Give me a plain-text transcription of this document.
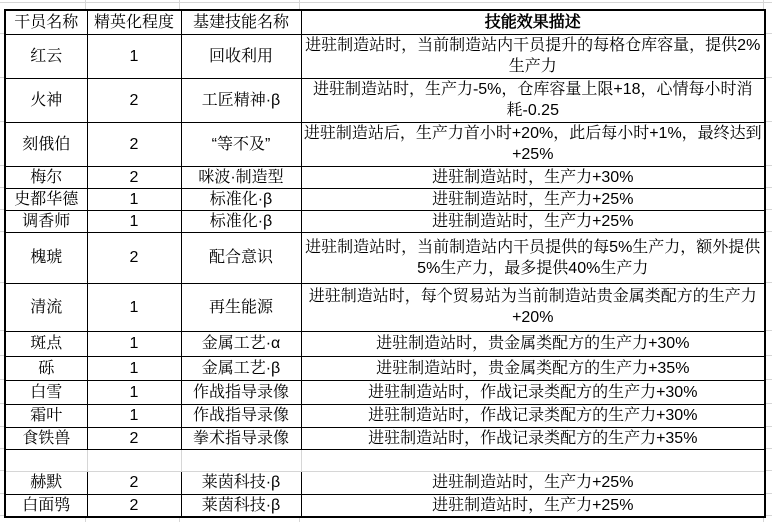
干员名称	精英化程度	基建技能名称	技能效果描述
红云	1	回收利用	进驻制造站时，当前制造站内干员提升的每格仓库容量，提供2%生产力
火神	2	工匠精神·β	进驻制造站时，生产力-5%，仓库容量上限+18，心情每小时消耗-0.25
刻俄伯	2	“等不及”	进驻制造站后，生产力首小时+20%，此后每小时+1%，最终达到+25%
梅尔	2	咪波·制造型	进驻制造站时，生产力+30%
史都华德	1	标准化·β	进驻制造站时，生产力+25%
调香师	1	标准化·β	进驻制造站时，生产力+25%
槐琥	2	配合意识	进驻制造站时，当前制造站内干员提供的每5%生产力，额外提供5%生产力，最多提供40%生产力
清流	1	再生能源	进驻制造站时，每个贸易站为当前制造站贵金属类配方的生产力+20%
斑点	1	金属工艺·α	进驻制造站时，贵金属类配方的生产力+30%
砾	1	金属工艺·β	进驻制造站时，贵金属类配方的生产力+35%
白雪	1	作战指导录像	进驻制造站时，作战记录类配方的生产力+30%
霜叶	1	作战指导录像	进驻制造站时，作战记录类配方的生产力+30%
食铁兽	2	拳术指导录像	进驻制造站时，作战记录类配方的生产力+35%

赫默	2	莱茵科技·β	进驻制造站时，生产力+25%
白面鸮	2	莱茵科技·β	进驻制造站时，生产力+25%
